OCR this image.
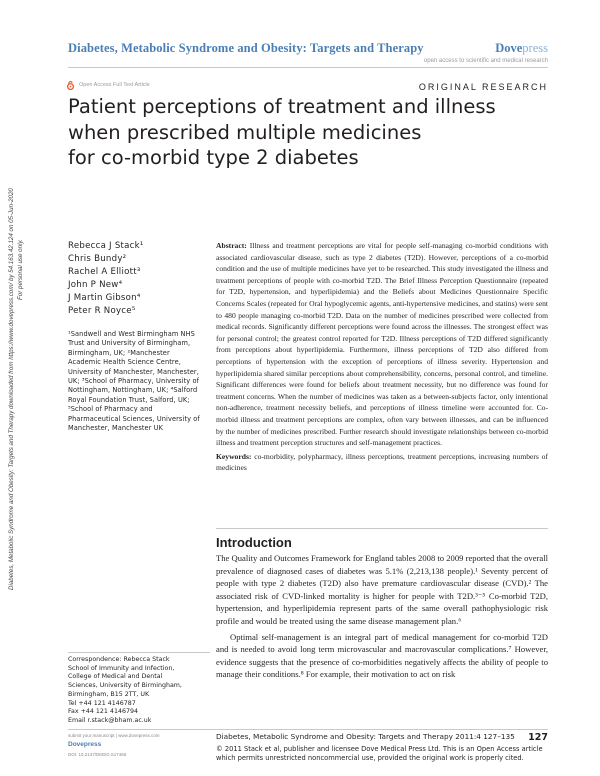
Diabetes, Metabolic Syndrome and Obesity: Targets and Therapy	Dovepress
open access to scientific and medical research
Open Access Full Text Article	ORIGINAL RESEARCH
Diabetes, Metabolic Syndrome and Obesity: Targets and Therapy downloaded from https://www.dovepress.com/ by 54.163.42.124 on 05-Jun-2020 For personal use only.
Patient perceptions of treatment and illness
when prescribed multiple medicines
for co-morbid type 2 diabetes
Rebecca J Stack¹
Chris Bundy²
Rachel A Elliott³
John P New⁴
J Martin Gibson⁴
Peter R Noyce⁵
¹Sandwell and West Birmingham NHS Trust and University of Birmingham, Birmingham, UK; ²Manchester Academic Health Science Centre, University of Manchester, Manchester, UK; ³School of Pharmacy, University of Nottingham, Nottingham, UK; ⁴Salford Royal Foundation Trust, Salford, UK; ⁵School of Pharmacy and Pharmaceutical Sciences, University of Manchester, Manchester UK
Abstract: Illness and treatment perceptions are vital for people self-managing co-morbid conditions with associated cardiovascular disease, such as type 2 diabetes (T2D). However, perceptions of a co-morbid condition and the use of multiple medicines have yet to be researched. This study investigated the illness and treatment perceptions of people with co-morbid T2D. The Brief Illness Perception Questionnaire (repeated for T2D, hypertension, and hyperlipidemia) and the Beliefs about Medicines Questionnaire Specific Concerns Scales (repeated for Oral hypoglycemic agents, anti-hypertensive medicines, and statins) were sent to 480 people managing co-morbid T2D. Data on the number of medicines prescribed were collected from medical records. Significantly different perceptions were found across the illnesses. The strongest effect was for personal control; the greatest control reported for T2D. Illness perceptions of T2D differed significantly from perceptions about hyperlipidemia. Furthermore, illness perceptions of T2D also differed from perceptions of hypertension with the exception of perceptions of illness severity. Hypertension and hyperlipidemia shared similar perceptions about comprehensibility, concerns, personal control, and timeline. Significant differences were found for beliefs about treatment necessity, but no difference was found for treatment concerns. When the number of medicines was taken as a between-subjects factor, only intentional non-adherence, treatment necessity beliefs, and perceptions of illness timeline were accounted for. Co-morbid illness and treatment perceptions are complex, often vary between illnesses, and can be influenced by the number of medicines prescribed. Further research should investigate relationships between co-morbid illness and treatment perception structures and self-management practices.
Keywords: co-morbidity, polypharmacy, illness perceptions, treatment perceptions, increasing numbers of medicines
Introduction

The Quality and Outcomes Framework for England tables 2008 to 2009 reported that the overall prevalence of diagnosed cases of diabetes was 5.1% (2,213,138 people).¹ Seventy percent of people with type 2 diabetes (T2D) also have premature cardiovascular disease (CVD).² The associated risk of CVD-linked mortality is higher for people with T2D.³⁻⁵ Co-morbid T2D, hypertension, and hyperlipidemia represent parts of the same overall pathophysiologic risk profile and would be treated using the same disease management plan.⁶

Optimal self-management is an integral part of medical management for co-morbid T2D and is needed to avoid long term microvascular and macrovascular complications.⁷ However, evidence suggests that the presence of co-morbidities negatively affects the ability of people to manage their conditions.⁸ For example, their motivation to act on risk

Correspondence: Rebecca Stack
School of Immunity and Infection,
College of Medical and Dental
Sciences, University of Birmingham,
Birmingham, B15 2TT, UK
Tel +44 121 4146787
Fax +44 121 4146794
Email r.stack@bham.ac.uk
submit your manuscript | www.dovepress.com
Dovepress
DOI: 10.2147/DMSO.S17466
Diabetes, Metabolic Syndrome and Obesity: Targets and Therapy 2011:4 127–135 127
© 2011 Stack et al, publisher and licensee Dove Medical Press Ltd. This is an Open Access article which permits unrestricted noncommercial use, provided the original work is properly cited.
